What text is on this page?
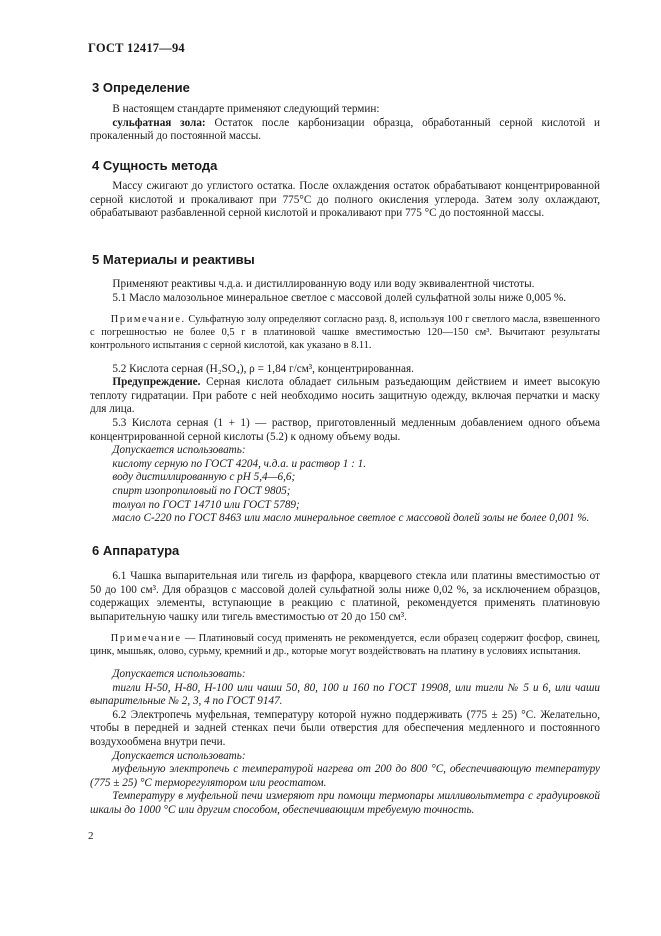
ГОСТ 12417—94
3 Определение

В настоящем стандарте применяют следующий термин:

сульфатная зола: Остаток после карбонизации образца, обработанный серной кислотой и прокаленный до постоянной массы.

4 Сущность метода

Массу сжигают до углистого остатка. После охлаждения остаток обрабатывают концентрированной серной кислотой и прокаливают при 775°С до полного окисления углерода. Затем золу охлаждают, обрабатывают разбавленной серной кислотой и прокаливают при 775 °С до постоянной массы.

5 Материалы и реактивы

Применяют реактивы ч.д.а. и дистиллированную воду или воду эквивалентной чистоты.

5.1 Масло малозольное минеральное светлое с массовой долей сульфатной золы ниже 0,005 %.

Примечание. Сульфатную золу определяют согласно разд. 8, используя 100 г светлого масла, взвешенного с погрешностью не более 0,5 г в платиновой чашке вместимостью 120—150 см³. Вычитают результаты контрольного испытания с серной кислотой, как указано в 8.11.

5.2 Кислота серная (H₂SO₄), ρ = 1,84 г/см³, концентрированная.

Предупреждение. Серная кислота обладает сильным разъедающим действием и имеет высокую теплоту гидратации. При работе с ней необходимо носить защитную одежду, включая перчатки и маску для лица.

5.3 Кислота серная (1 + 1) — раствор, приготовленный медленным добавлением одного объема концентрированной серной кислоты (5.2) к одному объему воды.

Допускается использовать:

кислоту серную по ГОСТ 4204, ч.д.а. и раствор 1 : 1.

воду дистиллированную с рН 5,4—6,6;

спирт изопропиловый по ГОСТ 9805;

толуол по ГОСТ 14710 или ГОСТ 5789;

масло С-220 по ГОСТ 8463 или масло минеральное светлое с массовой долей золы не более 0,001 %.

6 Аппаратура

6.1 Чашка выпарительная или тигель из фарфора, кварцевого стекла или платины вместимостью от 50 до 100 см³. Для образцов с массовой долей сульфатной золы ниже 0,02 %, за исключением образцов, содержащих элементы, вступающие в реакцию с платиной, рекомендуется применять платиновую выпарительную чашку или тигель вместимостью от 20 до 150 см³.

Примечание — Платиновый сосуд применять не рекомендуется, если образец содержит фосфор, свинец, цинк, мышьяк, олово, сурьму, кремний и др., которые могут воздействовать на платину в условиях испытания.

Допускается использовать:

тигли Н-50, Н-80, Н-100 или чаши 50, 80, 100 и 160 по ГОСТ 19908, или тигли № 5 и 6, или чаши выпарительные № 2, 3, 4 по ГОСТ 9147.

6.2 Электропечь муфельная, температуру которой нужно поддерживать (775 ± 25) °С. Желательно, чтобы в передней и задней стенках печи были отверстия для обеспечения медленного и постоянного воздухообмена внутри печи.

Допускается использовать:

муфельную электропечь с температурой нагрева от 200 до 800 °С, обеспечивающую температуру (775 ± 25) °С терморегулятором или реостатом.

Температуру в муфельной печи измеряют при помощи термопары милливольтметра с градуировкой шкалы до 1000 °С или другим способом, обеспечивающим требуемую точность.

2
